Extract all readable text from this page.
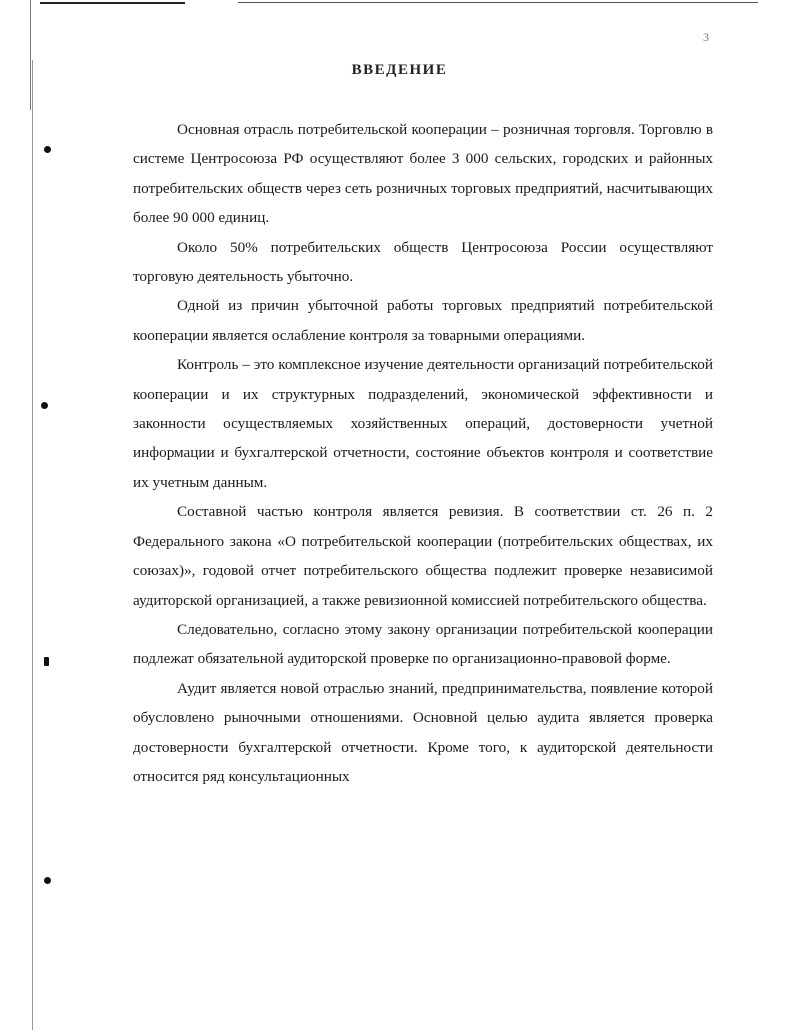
3
ВВЕДЕНИЕ

Основная отрасль потребительской кооперации – розничная торговля. Торговлю в системе Центросоюза РФ осуществляют более 3 000 сельских, городских и районных потребительских обществ через сеть розничных торговых предприятий, насчитывающих более 90 000 единиц.

Около 50% потребительских обществ Центросоюза России осуществляют торговую деятельность убыточно.

Одной из причин убыточной работы торговых предприятий потребительской кооперации является ослабление контроля за товарными операциями.

Контроль – это комплексное изучение деятельности организаций потребительской кооперации и их структурных подразделений, экономической эффективности и законности осуществляемых хозяйственных операций, достоверности учетной информации и бухгалтерской отчетности, состояние объектов контроля и соответствие их учетным данным.

Составной частью контроля является ревизия. В соответствии ст. 26 п. 2 Федерального закона «О потребительской кооперации (потребительских обществах, их союзах)», годовой отчет потребительского общества подлежит проверке независимой аудиторской организацией, а также ревизионной комиссией потребительского общества.

Следовательно, согласно этому закону организации потребительской кооперации подлежат обязательной аудиторской проверке по организационно-правовой форме.

Аудит является новой отраслью знаний, предпринимательства, появление которой обусловлено рыночными отношениями. Основной целью аудита является проверка достоверности бухгалтерской отчетности. Кроме того, к аудиторской деятельности относится ряд консультационных
